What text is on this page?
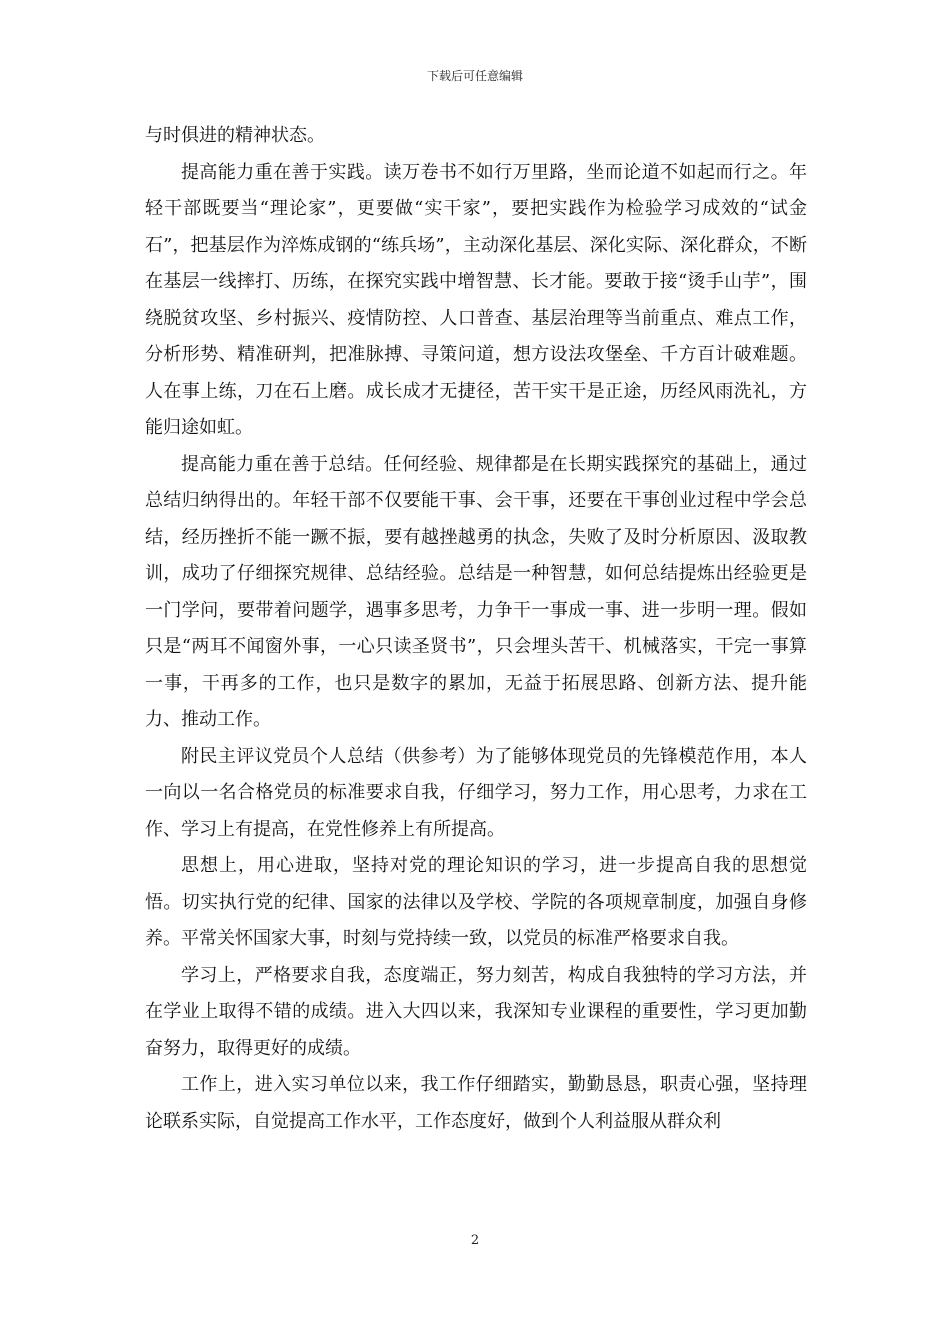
下载后可任意编辑

与时俱进的精神状态。

提高能力重在善于实践。读万卷书不如行万里路，坐而论道不如起而行之。年轻干部既要当“理论家”，更要做“实干家”，要把实践作为检验学习成效的“试金石”，把基层作为淬炼成钢的“练兵场”，主动深化基层、深化实际、深化群众，不断在基层一线摔打、历练，在探究实践中增智慧、长才能。要敢于接“烫手山芋”，围绕脱贫攻坚、乡村振兴、疫情防控、人口普查、基层治理等当前重点、难点工作，分析形势、精准研判，把准脉搏、寻策问道，想方设法攻堡垒、千方百计破难题。人在事上练，刀在石上磨。成长成才无捷径，苦干实干是正途，历经风雨洗礼，方能归途如虹。

提高能力重在善于总结。任何经验、规律都是在长期实践探究的基础上，通过总结归纳得出的。年轻干部不仅要能干事、会干事，还要在干事创业过程中学会总结，经历挫折不能一蹶不振，要有越挫越勇的执念，失败了及时分析原因、汲取教训，成功了仔细探究规律、总结经验。总结是一种智慧，如何总结提炼出经验更是一门学问，要带着问题学，遇事多思考，力争干一事成一事、进一步明一理。假如只是“两耳不闻窗外事，一心只读圣贤书”，只会埋头苦干、机械落实，干完一事算一事，干再多的工作，也只是数字的累加，无益于拓展思路、创新方法、提升能力、推动工作。

附民主评议党员个人总结（供参考）为了能够体现党员的先锋模范作用，本人一向以一名合格党员的标准要求自我，仔细学习，努力工作，用心思考，力求在工作、学习上有提高，在党性修养上有所提高。

思想上，用心进取，坚持对党的理论知识的学习，进一步提高自我的思想觉悟。切实执行党的纪律、国家的法律以及学校、学院的各项规章制度，加强自身修养。平常关怀国家大事，时刻与党持续一致，以党员的标准严格要求自我。

学习上，严格要求自我，态度端正，努力刻苦，构成自我独特的学习方法，并在学业上取得不错的成绩。进入大四以来，我深知专业课程的重要性，学习更加勤奋努力，取得更好的成绩。

工作上，进入实习单位以来，我工作仔细踏实，勤勤恳恳，职责心强，坚持理论联系实际，自觉提高工作水平，工作态度好，做到个人利益服从群众利

2
